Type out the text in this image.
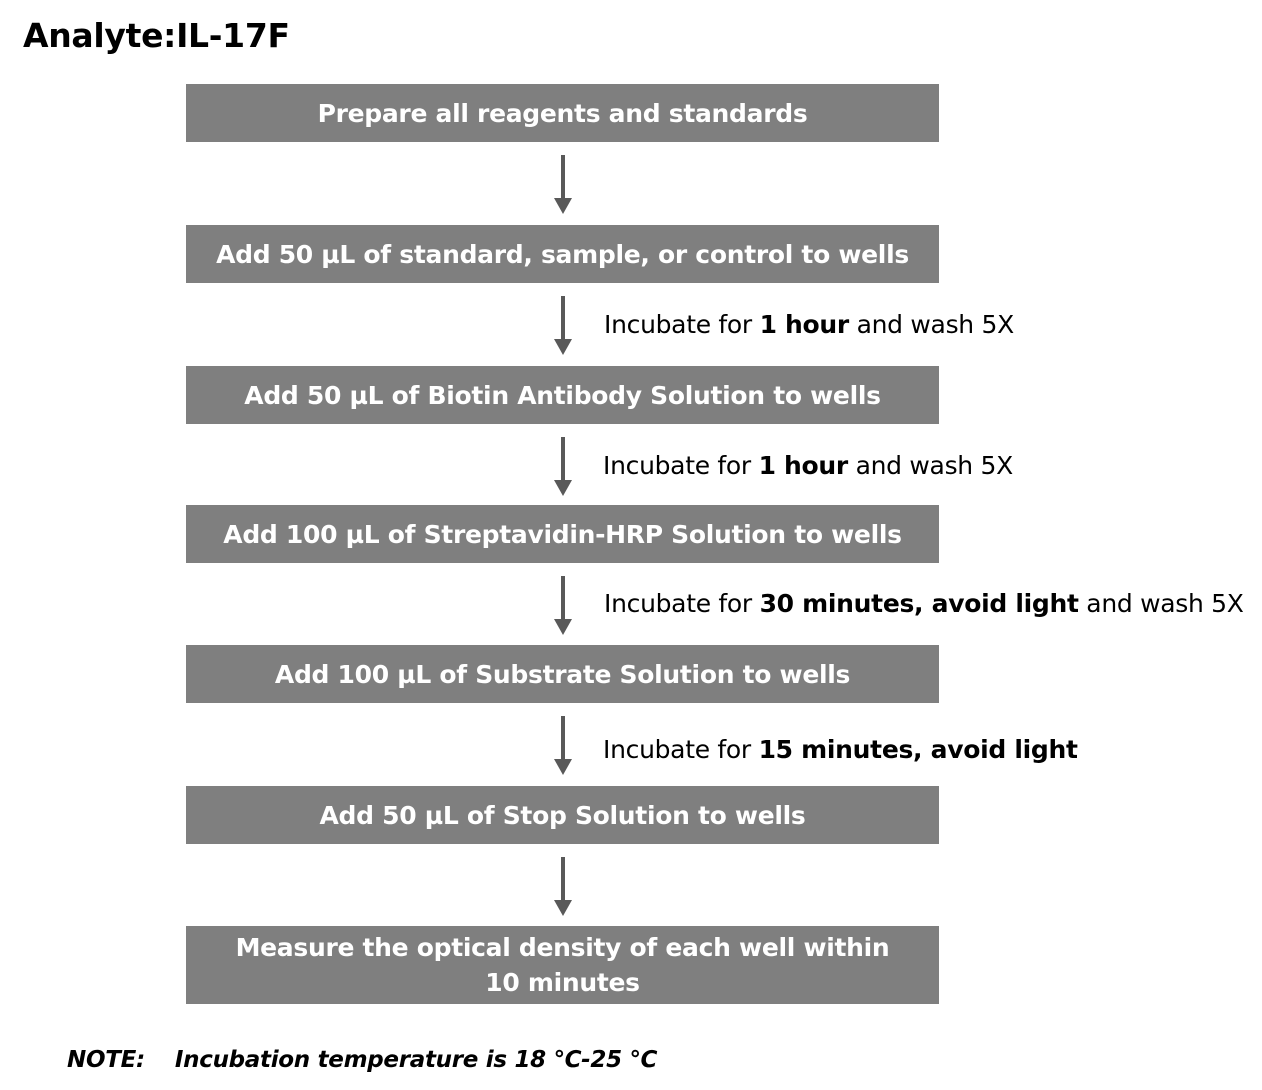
Analyte:IL-17F
Prepare all reagents and standards
Add 50 µL of standard, sample, or control to wells
Add 50 µL of Biotin Antibody Solution to wells
Add 100 µL of Streptavidin-HRP Solution to wells
Add 100 µL of Substrate Solution to wells
Add 50 µL of Stop Solution to wells
Measure the optical density of each well within 10 minutes
Incubate for 1 hour and wash 5X
Incubate for 1 hour and wash 5X
Incubate for 30 minutes, avoid light and wash 5X
Incubate for 15 minutes, avoid light
NOTE: Incubation temperature is 18 ℃-25 ℃
